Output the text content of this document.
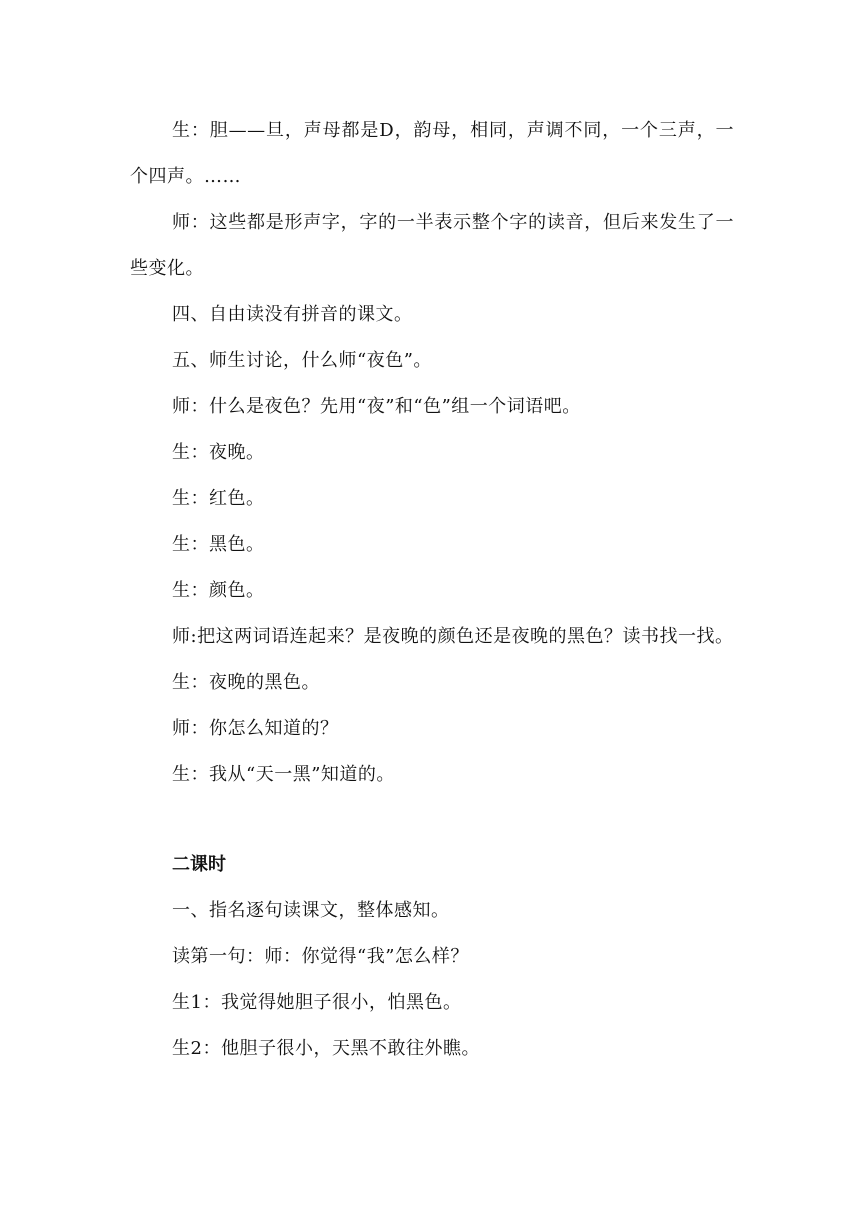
生：胆——旦，声母都是D，韵母，相同，声调不同，一个三声，一个四声。……

师：这些都是形声字，字的一半表示整个字的读音，但后来发生了一些变化。

四、自由读没有拼音的课文。

五、师生讨论，什么师“夜色”。

师：什么是夜色？先用“夜”和“色”组一个词语吧。

生：夜晚。

生：红色。

生：黑色。

生：颜色。

师:把这两词语连起来？是夜晚的颜色还是夜晚的黑色？读书找一找。

生：夜晚的黑色。

师：你怎么知道的？

生：我从“天一黑”知道的。

二课时

一、指名逐句读课文，整体感知。

读第一句：师：你觉得“我”怎么样？

生1：我觉得她胆子很小，怕黑色。

生2：他胆子很小，天黑不敢往外瞧。
